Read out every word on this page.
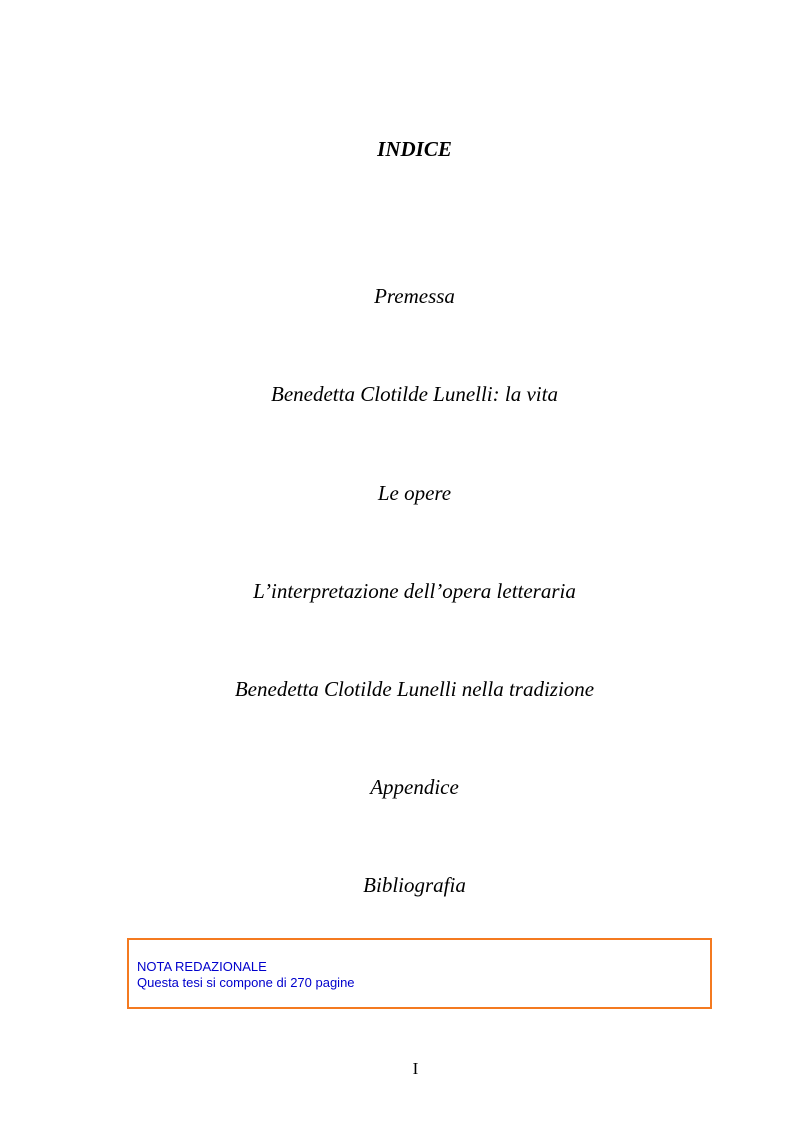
INDICE
Premessa
Benedetta Clotilde Lunelli: la vita
Le opere
L’interpretazione dell’opera letteraria
Benedetta Clotilde Lunelli nella tradizione
Appendice
Bibliografia
NOTA REDAZIONALE
Questa tesi si compone di 270 pagine
I
